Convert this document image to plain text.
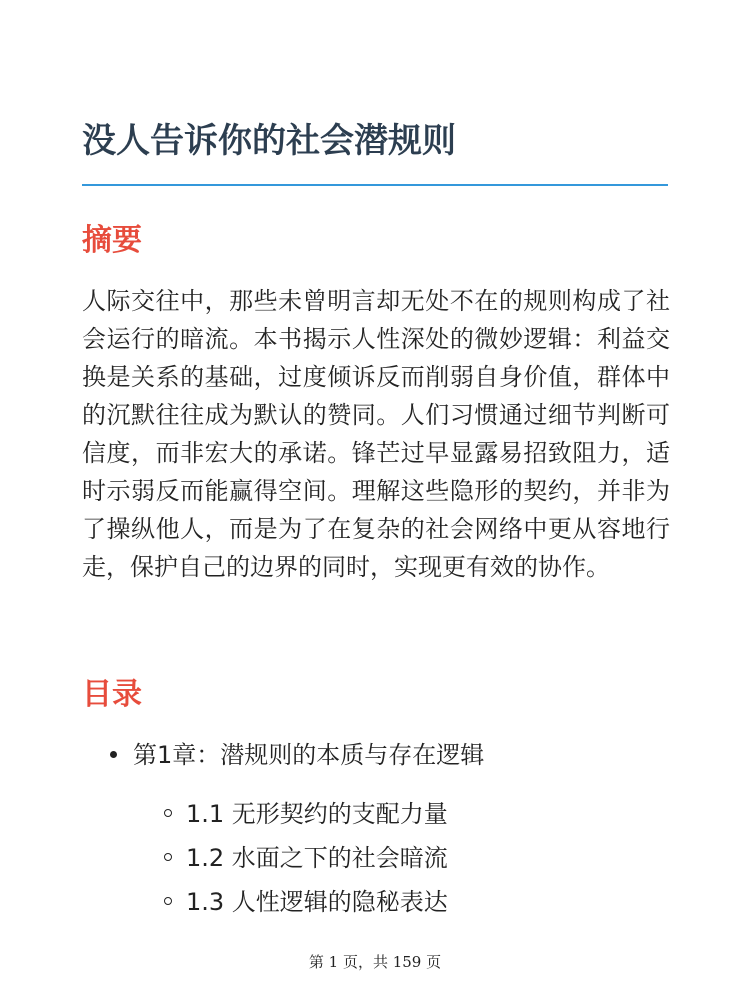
没人告诉你的社会潜规则
摘要

人际交往中，那些未曾明言却无处不在的规则构成了社会运行的暗流。本书揭示人性深处的微妙逻辑：利益交换是关系的基础，过度倾诉反而削弱自身价值，群体中的沉默往往成为默认的赞同。人们习惯通过细节判断可信度，而非宏大的承诺。锋芒过早显露易招致阻力，适时示弱反而能赢得空间。理解这些隐形的契约，并非为了操纵他人，而是为了在复杂的社会网络中更从容地行走，保护自己的边界的同时，实现更有效的协作。

目录
第1章：潜规则的本质与存在逻辑
1.1 无形契约的支配力量
1.2 水面之下的社会暗流
1.3 人性逻辑的隐秘表达
第 1 页，共 159 页
